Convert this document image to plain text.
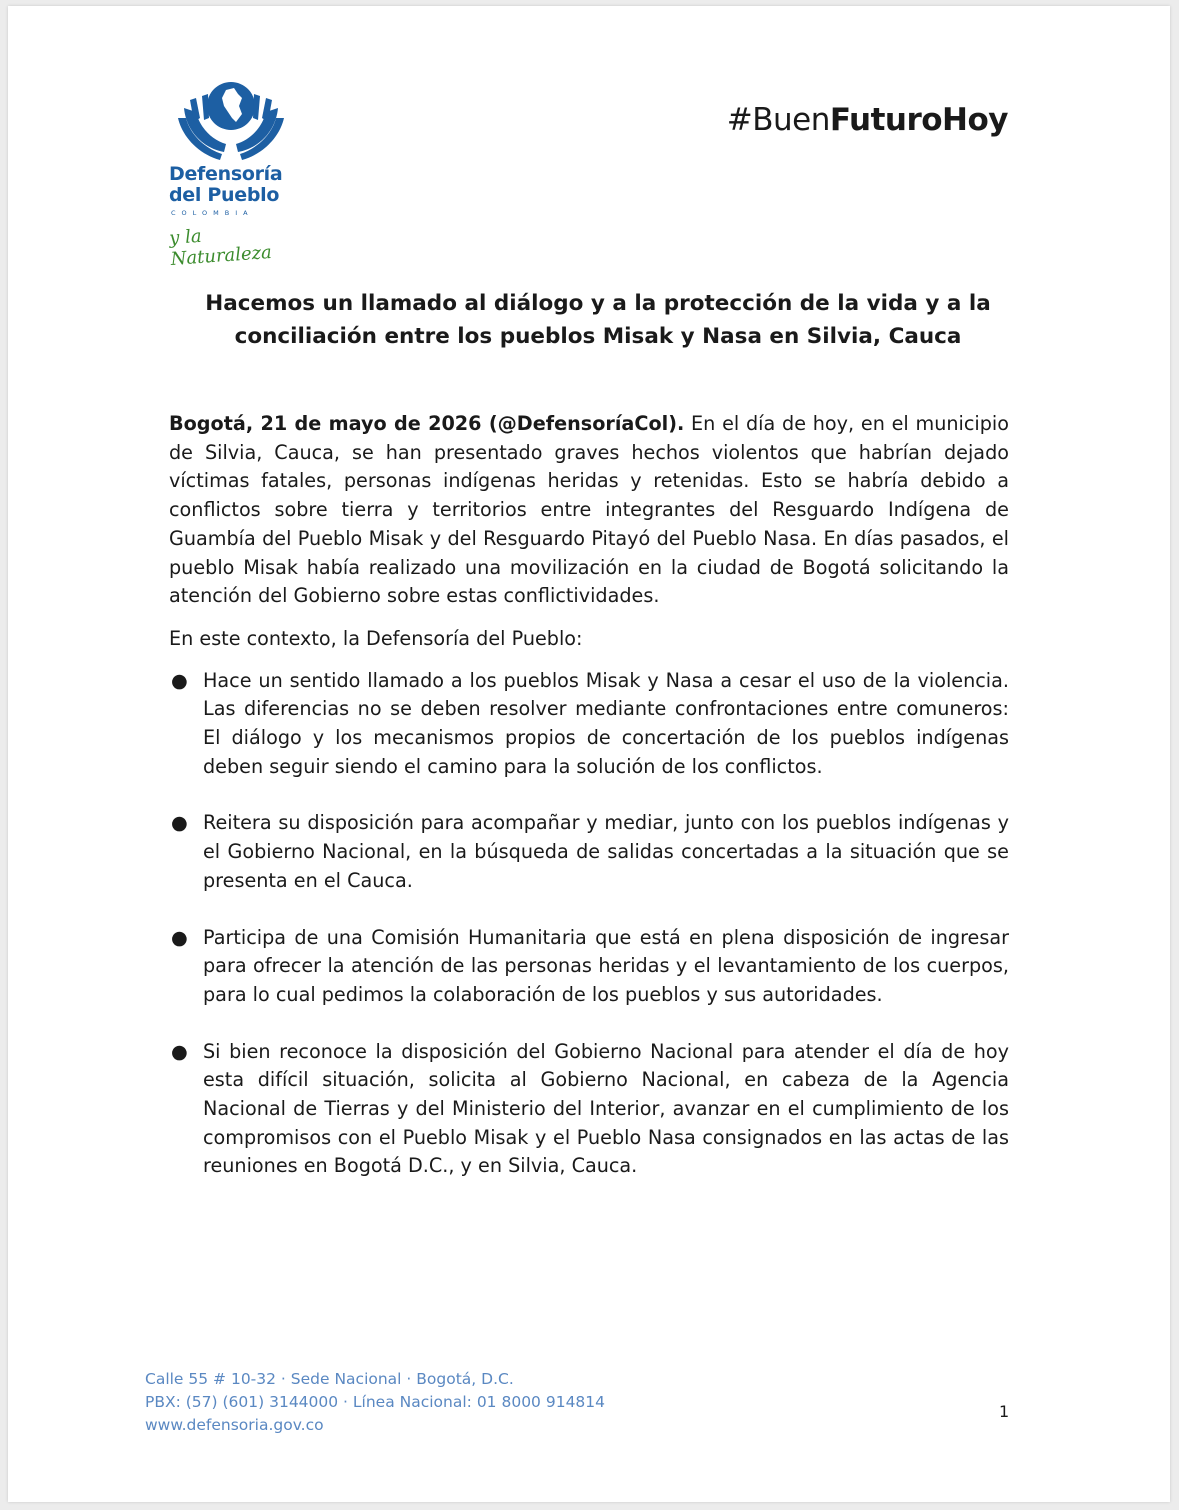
Defensoría
del Pueblo
COLOMBIA
y la Naturaleza
#BuenFuturoHoy
Hacemos un llamado al diálogo y a la protección de la vida y a la conciliación entre los pueblos Misak y Nasa en Silvia, Cauca

Bogotá, 21 de mayo de 2026 (@DefensoríaCol). En el día de hoy, en el municipio de Silvia, Cauca, se han presentado graves hechos violentos que habrían dejado víctimas fatales, personas indígenas heridas y retenidas. Esto se habría debido a conflictos sobre tierra y territorios entre integrantes del Resguardo Indígena de Guambía del Pueblo Misak y del Resguardo Pitayó del Pueblo Nasa. En días pasados, el pueblo Misak había realizado una movilización en la ciudad de Bogotá solicitando la atención del Gobierno sobre estas conflictividades.

En este contexto, la Defensoría del Pueblo:

● Hace un sentido llamado a los pueblos Misak y Nasa a cesar el uso de la violencia. Las diferencias no se deben resolver mediante confrontaciones entre comuneros: El diálogo y los mecanismos propios de concertación de los pueblos indígenas deben seguir siendo el camino para la solución de los conflictos.
● Reitera su disposición para acompañar y mediar, junto con los pueblos indígenas y el Gobierno Nacional, en la búsqueda de salidas concertadas a la situación que se presenta en el Cauca.
● Participa de una Comisión Humanitaria que está en plena disposición de ingresar para ofrecer la atención de las personas heridas y el levantamiento de los cuerpos, para lo cual pedimos la colaboración de los pueblos y sus autoridades.
● Si bien reconoce la disposición del Gobierno Nacional para atender el día de hoy esta difícil situación, solicita al Gobierno Nacional, en cabeza de la Agencia Nacional de Tierras y del Ministerio del Interior, avanzar en el cumplimiento de los compromisos con el Pueblo Misak y el Pueblo Nasa consignados en las actas de las reuniones en Bogotá D.C., y en Silvia, Cauca.
Calle 55 # 10-32 · Sede Nacional · Bogotá, D.C.
PBX: (57) (601) 3144000 · Línea Nacional: 01 8000 914814
www.defensoria.gov.co
1
